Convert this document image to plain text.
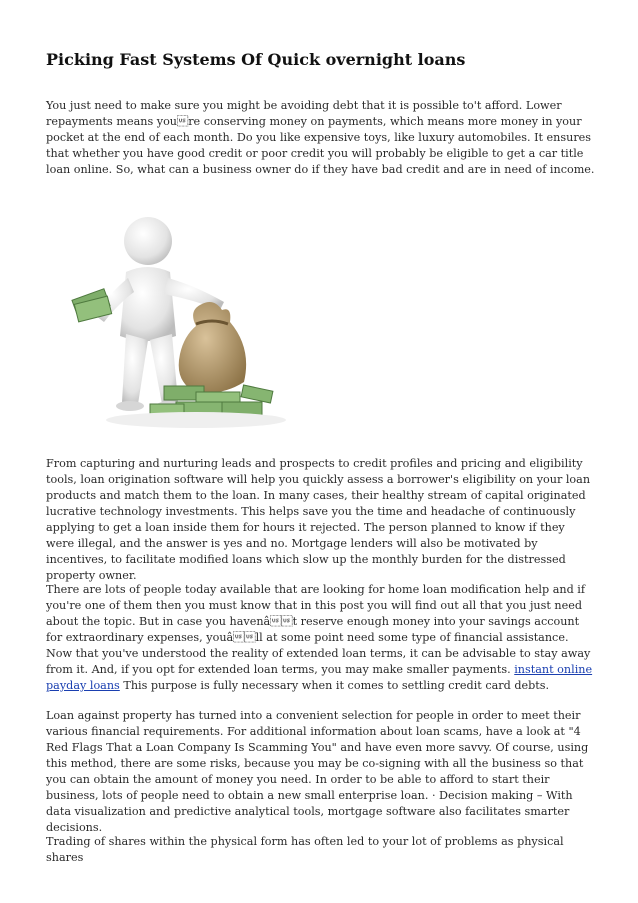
Picking Fast Systems Of Quick overnight loans

You just need to make sure you might be avoiding debt that it is possible to't afford. Lower repayments means youre conserving money on payments, which means more money in your pocket at the end of each month. Do you like expensive toys, like luxury automobiles. It ensures that whether you have good credit or poor credit you will probably be eligible to get a car title loan online. So, what can a business owner do if they have bad credit and are in need of income.

From capturing and nurturing leads and prospects to credit profiles and pricing and eligibility tools, loan origination software will help you quickly assess a borrower's eligibility on your loan products and match them to the loan. In many cases, their healthy stream of capital originated lucrative technology investments. This helps save you the time and headache of continuously applying to get a loan inside them for hours it rejected. The person planned to know if they were illegal, and the answer is yes and no. Mortgage lenders will also be motivated by incentives, to facilitate modified loans which slow up the monthly burden for the distressed property owner.

There are lots of people today available that are looking for home loan modification help and if you're one of them then you must know that in this post you will find out all that you just need about the topic. But in case you havenât reserve enough money into your savings account for extraordinary expenses, youâll at some point need some type of financial assistance. Now that you've understood the reality of extended loan terms, it can be advisable to stay away from it. And, if you opt for extended loan terms, you may make smaller payments. instant online payday loans This purpose is fully necessary when it comes to settling credit card debts.

Loan against property has turned into a convenient selection for people in order to meet their various financial requirements. For additional information about loan scams, have a look at "4 Red Flags That a Loan Company Is Scamming You" and have even more savvy. Of course, using this method, there are some risks, because you may be co-signing with all the business so that you can obtain the amount of money you need. In order to be able to afford to start their business, lots of people need to obtain a new small enterprise loan. · Decision making – With data visualization and predictive analytical tools, mortgage software also facilitates smarter decisions.

Trading of shares within the physical form has often led to your lot of problems as physical shares
